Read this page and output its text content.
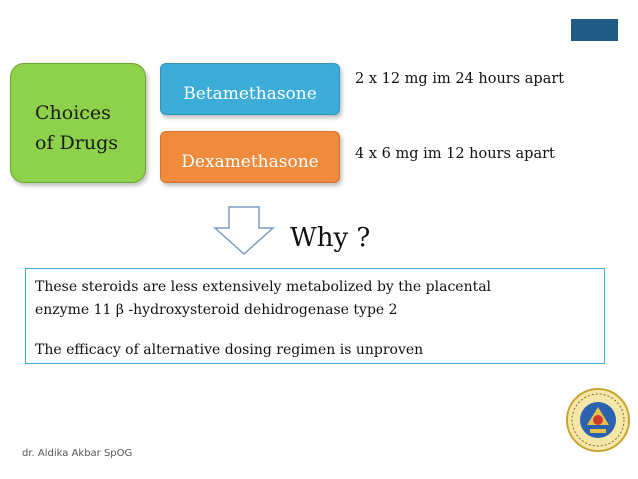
Choices
of Drugs
Betamethasone
Dexamethasone
2 x 12 mg im 24 hours apart
4 x 6 mg im 12 hours apart
Why ?
These steroids are less extensively metabolized by the placental
enzyme 11 β -hydroxysteroid dehidrogenase type 2
The efficacy of alternative dosing regimen is unproven
dr. Aldika Akbar SpOG
